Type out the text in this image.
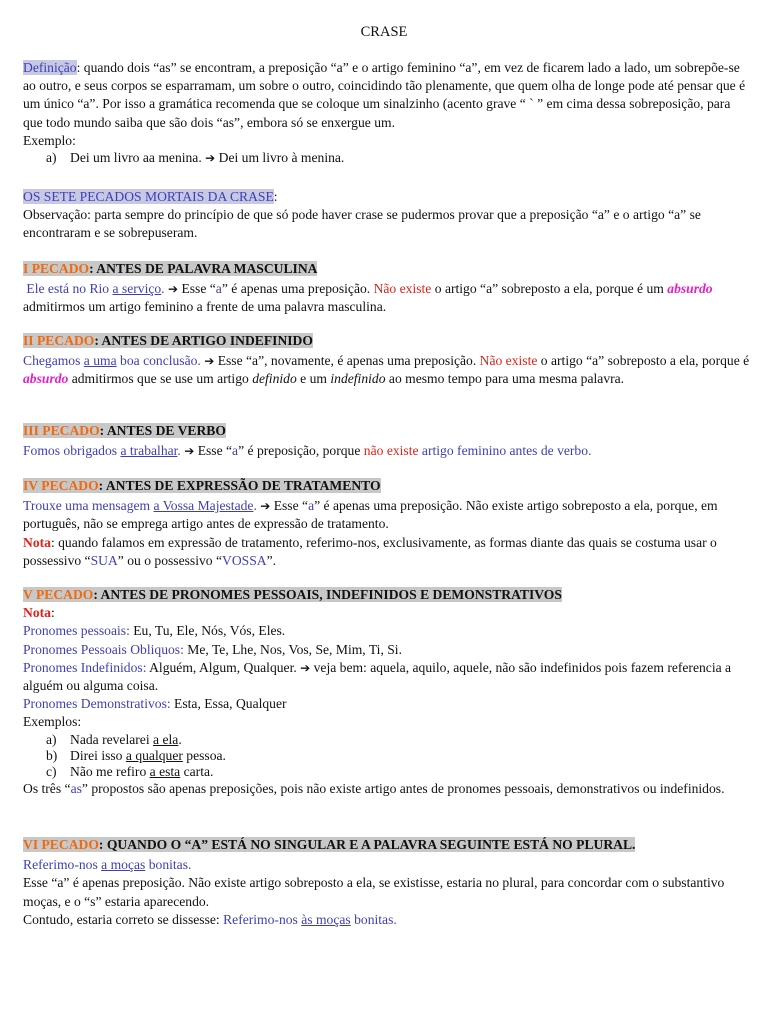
CRASE

Definição: quando dois “as” se encontram, a preposição “a” e o artigo feminino “a”, em vez de ficarem lado a lado, um sobrepõe-se ao outro, e seus corpos se esparramam, um sobre o outro, coincidindo tão plenamente, que quem olha de longe pode até pensar que é um único “a”. Por isso a gramática recomenda que se coloque um sinalzinho (acento grave “ ` ” em cima dessa sobreposição, para que todo mundo saiba que são dois “as”, embora só se enxergue um.

Exemplo:

a) Dei um livro aa menina. ➔ Dei um livro à menina.

OS SETE PECADOS MORTAIS DA CRASE:

Observação: parta sempre do princípio de que só pode haver crase se pudermos provar que a preposição “a” e o artigo “a” se encontraram e se sobrepuseram.

I PECADO: ANTES DE PALAVRA MASCULINA

Ele está no Rio a serviço. ➔ Esse “a” é apenas uma preposição. Não existe o artigo “a” sobreposto a ela, porque é um absurdo admitirmos um artigo feminino a frente de uma palavra masculina.

II PECADO: ANTES DE ARTIGO INDEFINIDO

Chegamos a uma boa conclusão. ➔ Esse “a”, novamente, é apenas uma preposição. Não existe o artigo “a” sobreposto a ela, porque é absurdo admitirmos que se use um artigo definido e um indefinido ao mesmo tempo para uma mesma palavra.

III PECADO: ANTES DE VERBO

Fomos obrigados a trabalhar. ➔ Esse “a” é preposição, porque não existe artigo feminino antes de verbo.

IV PECADO: ANTES DE EXPRESSÃO DE TRATAMENTO

Trouxe uma mensagem a Vossa Majestade. ➔ Esse “a” é apenas uma preposição. Não existe artigo sobreposto a ela, porque, em português, não se emprega artigo antes de expressão de tratamento.

Nota: quando falamos em expressão de tratamento, referimo-nos, exclusivamente, as formas diante das quais se costuma usar o possessivo “SUA” ou o possessivo “VOSSA”.

V PECADO: ANTES DE PRONOMES PESSOAIS, INDEFINIDOS E DEMONSTRATIVOS

Nota:

Pronomes pessoais: Eu, Tu, Ele, Nós, Vós, Eles.

Pronomes Pessoais Obliquos: Me, Te, Lhe, Nos, Vos, Se, Mim, Ti, Si.

Pronomes Indefinidos: Alguém, Algum, Qualquer. ➔ veja bem: aquela, aquilo, aquele, não são indefinidos pois fazem referencia a alguém ou alguma coisa.

Pronomes Demonstrativos: Esta, Essa, Qualquer

Exemplos:

a) Nada revelarei a ela.
b) Direi isso a qualquer pessoa.
c) Não me refiro a esta carta.

Os três “as” propostos são apenas preposições, pois não existe artigo antes de pronomes pessoais, demonstrativos ou indefinidos.

VI PECADO: QUANDO O “A” ESTÁ NO SINGULAR E A PALAVRA SEGUINTE ESTÁ NO PLURAL.

Referimo-nos a moças bonitas.

Esse “a” é apenas preposição. Não existe artigo sobreposto a ela, se existisse, estaria no plural, para concordar com o substantivo moças, e o “s” estaria aparecendo.

Contudo, estaria correto se dissesse: Referimo-nos às moças bonitas.
